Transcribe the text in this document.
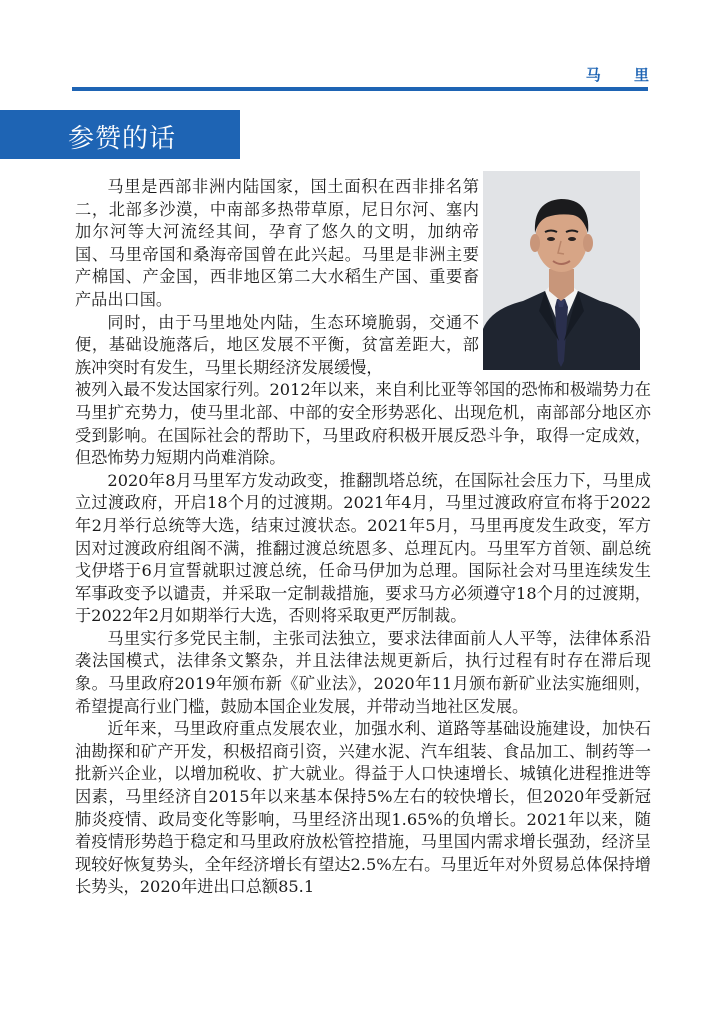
马 里
参赞的话

马里是西部非洲内陆国家，国土面积在西非排名第二，北部多沙漠，中南部多热带草原，尼日尔河、塞内加尔河等大河流经其间，孕育了悠久的文明，加纳帝国、马里帝国和桑海帝国曾在此兴起。马里是非洲主要产棉国、产金国，西非地区第二大水稻生产国、重要畜产品出口国。

同时，由于马里地处内陆，生态环境脆弱，交通不便，基础设施落后，地区发展不平衡，贫富差距大，部族冲突时有发生，马里长期经济发展缓慢，

被列入最不发达国家行列。2012年以来，来自利比亚等邻国的恐怖和极端势力在马里扩充势力，使马里北部、中部的安全形势恶化、出现危机，南部部分地区亦受到影响。在国际社会的帮助下，马里政府积极开展反恐斗争，取得一定成效，但恐怖势力短期内尚难消除。

2020年8月马里军方发动政变，推翻凯塔总统，在国际社会压力下，马里成立过渡政府，开启18个月的过渡期。2021年4月，马里过渡政府宣布将于2022年2月举行总统等大选，结束过渡状态。2021年5月，马里再度发生政变，军方因对过渡政府组阁不满，推翻过渡总统恩多、总理瓦内。马里军方首领、副总统戈伊塔于6月宣誓就职过渡总统，任命马伊加为总理。国际社会对马里连续发生军事政变予以谴责，并采取一定制裁措施，要求马方必须遵守18个月的过渡期，于2022年2月如期举行大选，否则将采取更严厉制裁。

马里实行多党民主制，主张司法独立，要求法律面前人人平等，法律体系沿袭法国模式，法律条文繁杂，并且法律法规更新后，执行过程有时存在滞后现象。马里政府2019年颁布新《矿业法》，2020年11月颁布新矿业法实施细则，希望提高行业门槛，鼓励本国企业发展，并带动当地社区发展。

近年来，马里政府重点发展农业，加强水利、道路等基础设施建设，加快石油勘探和矿产开发，积极招商引资，兴建水泥、汽车组装、食品加工、制药等一批新兴企业，以增加税收、扩大就业。得益于人口快速增长、城镇化进程推进等因素，马里经济自2015年以来基本保持5%左右的较快增长，但2020年受新冠肺炎疫情、政局变化等影响，马里经济出现1.65%的负增长。2021年以来，随着疫情形势趋于稳定和马里政府放松管控措施，马里国内需求增长强劲，经济呈现较好恢复势头，全年经济增长有望达2.5%左右。马里近年对外贸易总体保持增长势头，2020年进出口总额85.1
